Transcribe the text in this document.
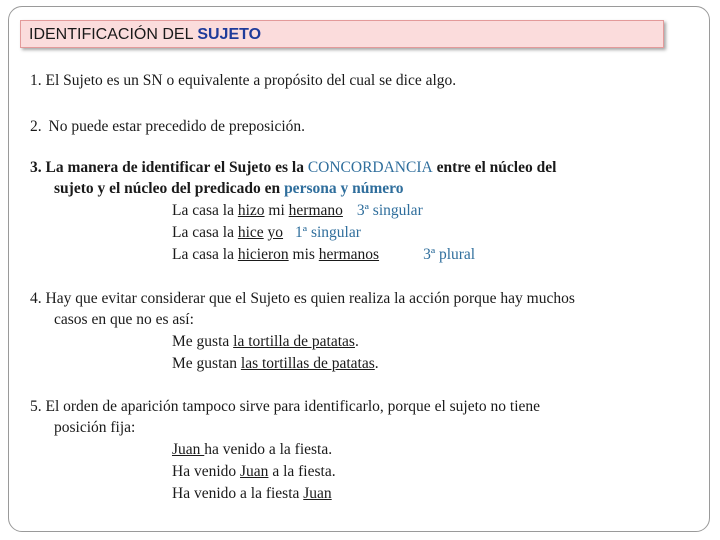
IDENTIFICACIÓN DEL SUJETO
1. El Sujeto es un SN o equivalente a propósito del cual se dice algo.
2. No puede estar precedido de preposición.
3. La manera de identificar el Sujeto es la CONCORDANCIA entre el núcleo del
sujeto y el núcleo del predicado en persona y número
La casa la hizo mi hermano 3ª singular
La casa la hice yo 1ª singular
La casa la hicieron mis hermanos	3ª plural
4. Hay que evitar considerar que el Sujeto es quien realiza la acción porque hay muchos
casos en que no es así:
Me gusta la tortilla de patatas.
Me gustan las tortillas de patatas.
5. El orden de aparición tampoco sirve para identificarlo, porque el sujeto no tiene
posición fija:
Juan ha venido a la fiesta.
Ha venido Juan a la fiesta.
Ha venido a la fiesta Juan
